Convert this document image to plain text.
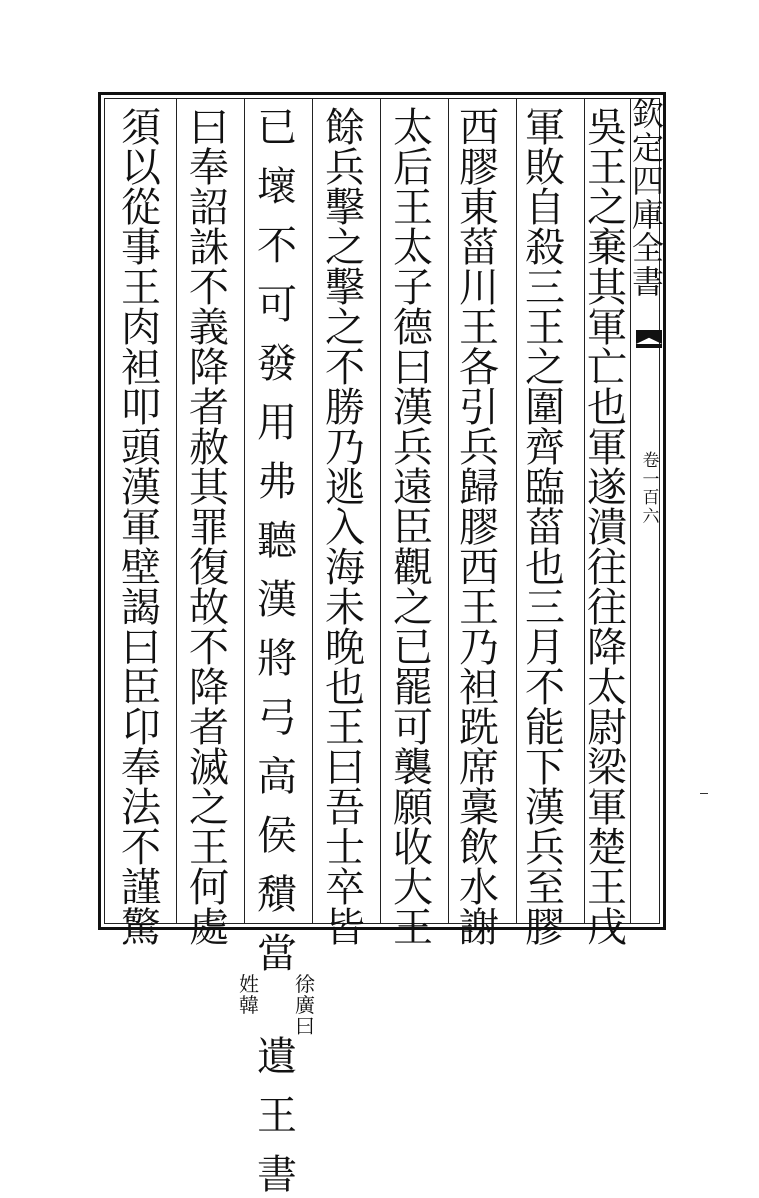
欽
定
四
庫
全
書
卷
一
百
六
吳
王
之
棄
其
軍
亡
也
軍
遂
潰
往
往
降
太
尉
梁
軍
楚
王
戊
軍
敗
自
殺
三
王
之
圍
齊
臨
菑
也
三
月
不
能
下
漢
兵
至
膠
西
膠
東
菑
川
王
各
引
兵
歸
膠
西
王
乃
袒
跣
席
稾
飲
水
謝
太
后
王
太
子
德
曰
漢
兵
遠
臣
觀
之
已
罷
可
襲
願
收
大
王
餘
兵
擊
之
擊
之
不
勝
乃
逃
入
海
未
晚
也
王
曰
吾
士
卒
皆
已
壞
不
可
發
用
弗
聽
漢
將
弓
高
侯
穨
當
姓
韓
徐
廣
曰
遺
王
書
曰
奉
詔
誅
不
義
降
者
赦
其
罪
復
故
不
降
者
滅
之
王
何
處
須
以
從
事
王
肉
袒
叩
頭
漢
軍
壁
謁
曰
臣
卬
奉
法
不
謹
驚
